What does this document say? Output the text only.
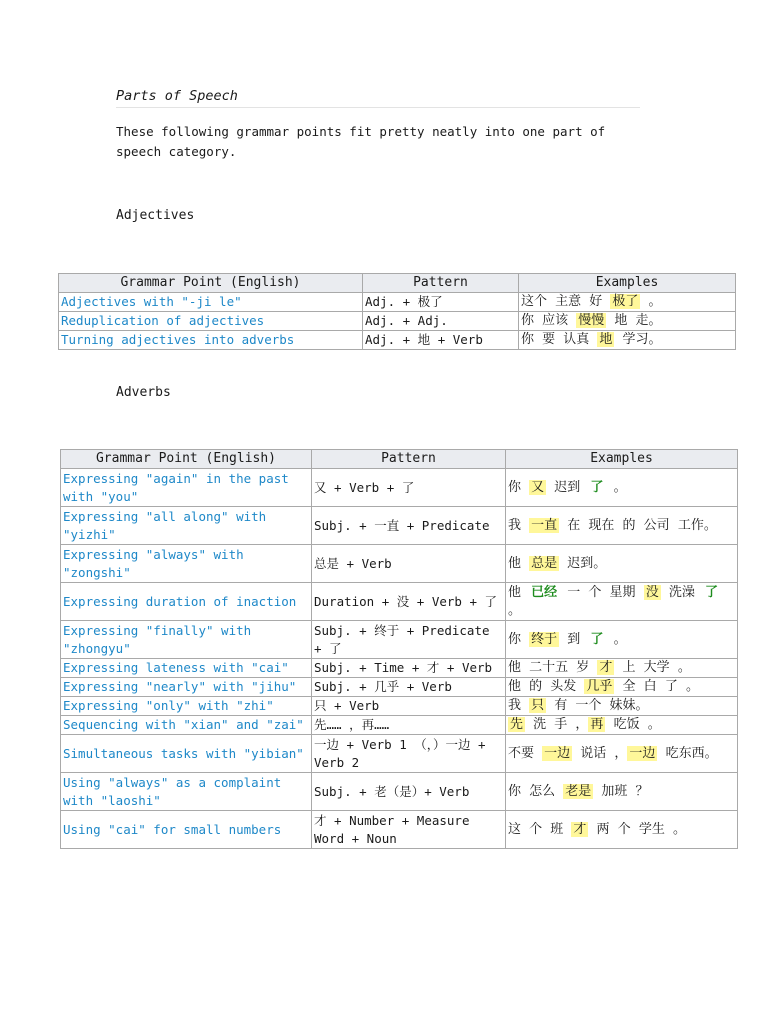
Parts of Speech
These following grammar points fit pretty neatly into one part of speech category.
Adjectives
Grammar Point (English)	Pattern	Examples
Adjectives with "-ji le"	Adj. + 极了	这个 主意 好 极了 。
Reduplication of adjectives	Adj. + Adj.	你 应该 慢慢 地 走。
Turning adjectives into adverbs	Adj. + 地 + Verb	你 要 认真 地 学习。
Adverbs
Grammar Point (English)	Pattern	Examples
Expressing "again" in the past with "you"	又 + Verb + 了	你 又 迟到 了 。
Expressing "all along" with "yizhi"	Subj. + 一直 + Predicate	我 一直 在 现在 的 公司 工作。
Expressing "always" with "zongshi"	总是 + Verb	他 总是 迟到。
Expressing duration of inaction	Duration + 没 + Verb + 了	他 已经 一 个 星期 没 洗澡 了 。
Expressing "finally" with "zhongyu"	Subj. + 终于 + Predicate + 了	你 终于 到 了 。
Expressing lateness with "cai"	Subj. + Time + 才 + Verb	他 二十五 岁 才 上 大学 。
Expressing "nearly" with "jihu"	Subj. + 几乎 + Verb	他 的 头发 几乎 全 白 了 。
Expressing "only" with "zhi"	只 + Verb	我 只 有 一个 妹妹。
Sequencing with "xian" and "zai"	先…… ，再……	先 洗 手 ， 再 吃饭 。
Simultaneous tasks with "yibian"	一边 + Verb 1 （，）一边 + Verb 2	不要 一边 说话 ， 一边 吃东西。
Using "always" as a complaint with "laoshi"	Subj. + 老（是）+ Verb	你 怎么 老是 加班 ？
Using "cai" for small numbers	才 + Number + Measure Word + Noun	这 个 班 才 两 个 学生 。
